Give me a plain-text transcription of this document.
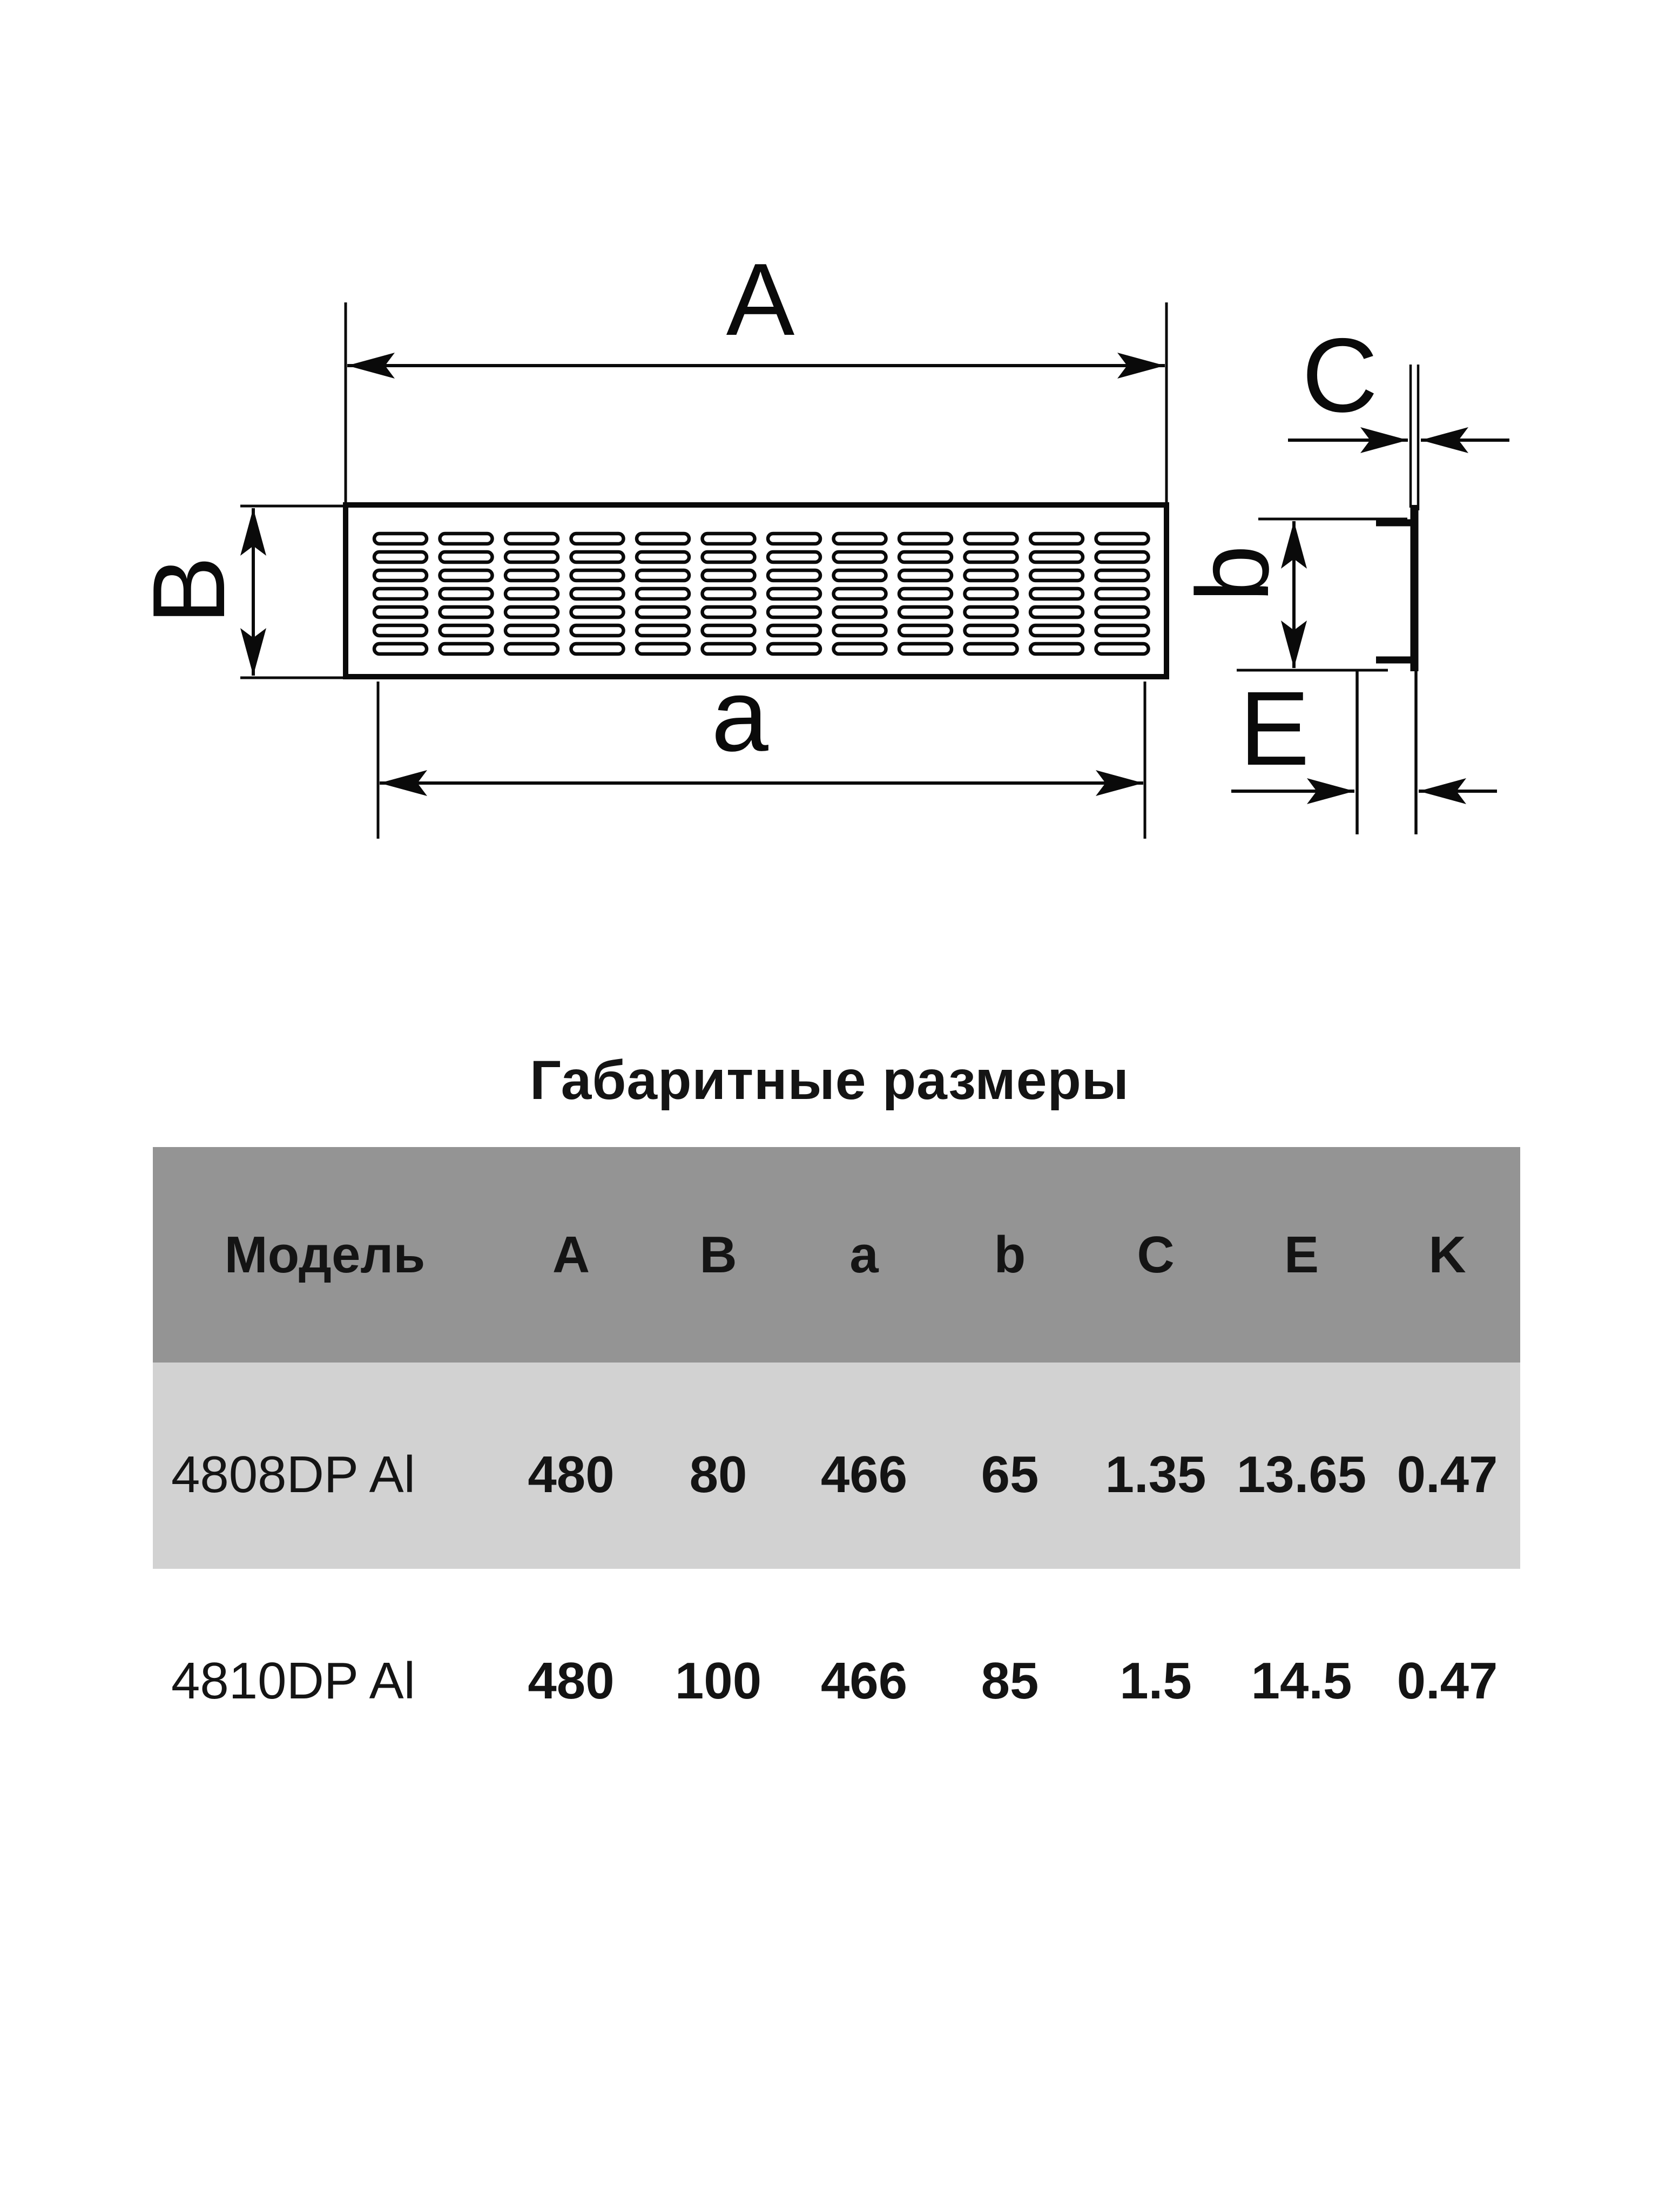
A
B
a
C
b
E
Габаритные размеры
Модель	A	B	a	b	C	E	K
4808DP Al	480	80	466	65	1.35 13.65 0.47
4810DP Al	480	100	466	85	1.5	14.5 0.47
